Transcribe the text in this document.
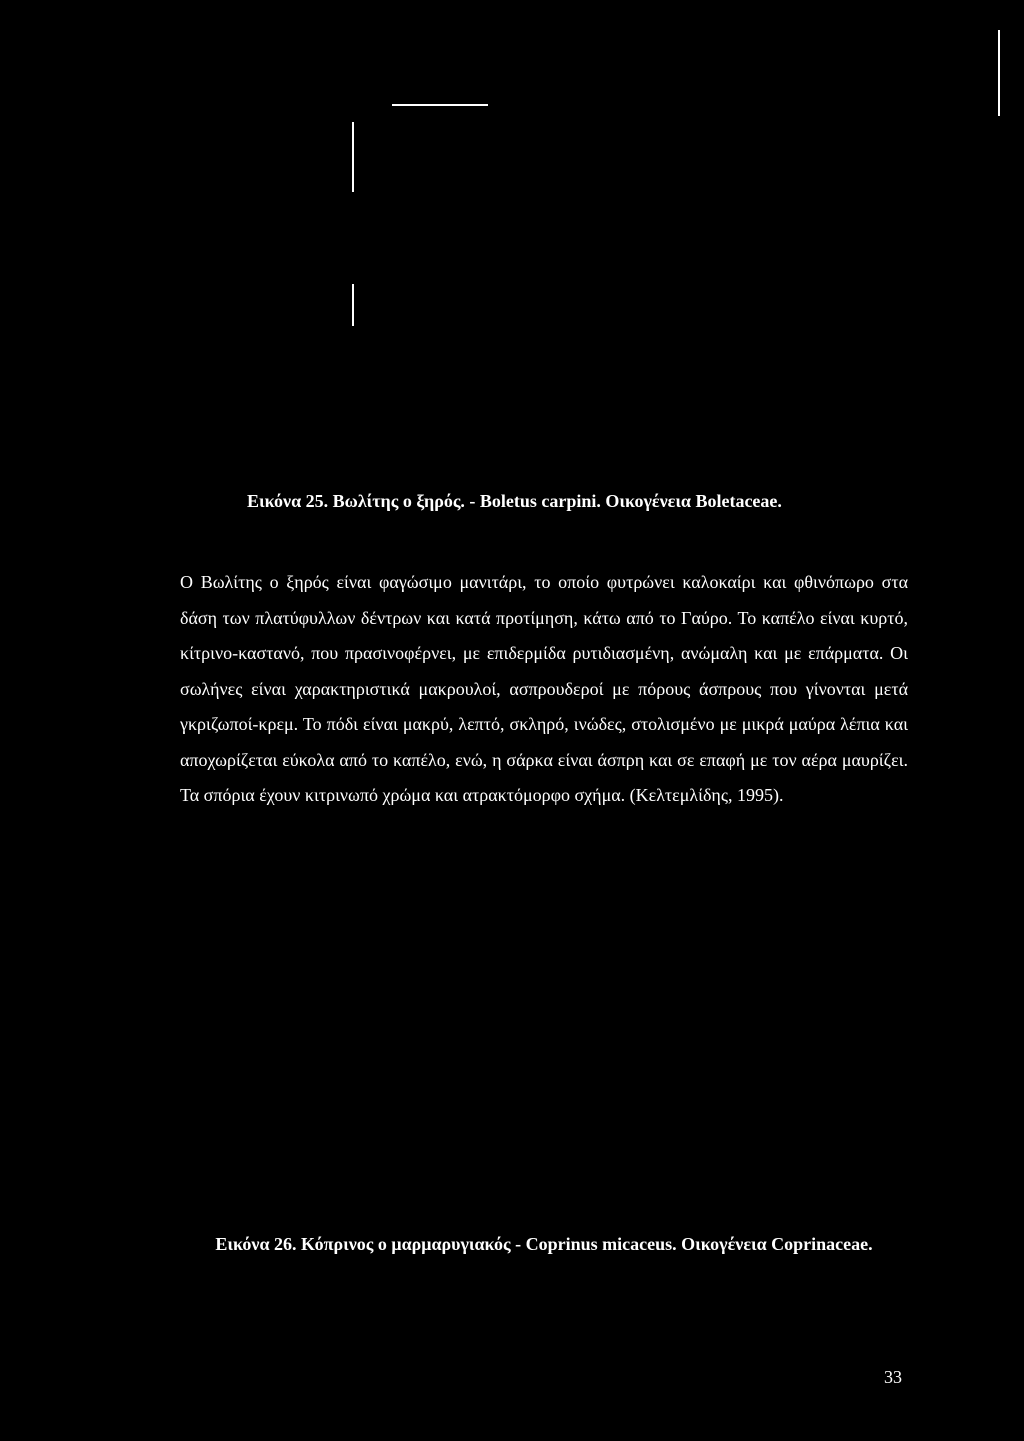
Εικόνα 25. Βωλίτης ο ξηρός. - Boletus carpini. Οικογένεια Boletaceae.
Ο Βωλίτης ο ξηρός είναι φαγώσιμο μανιτάρι, το οποίο φυτρώνει καλοκαίρι και φθινόπωρο στα δάση των πλατύφυλλων δέντρων και κατά προτίμηση, κάτω από το Γαύρο. Το καπέλο είναι κυρτό, κίτρινο-καστανό, που πρασινοφέρνει, με επιδερμίδα ρυτιδιασμένη, ανώμαλη και με επάρματα. Οι σωλήνες είναι χαρακτηριστικά μακρουλοί, ασπρουδεροί με πόρους άσπρους που γίνονται μετά γκριζωποί-κρεμ. Το πόδι είναι μακρύ, λεπτό, σκληρό, ινώδες, στολισμένο με μικρά μαύρα λέπια και αποχωρίζεται εύκολα από το καπέλο, ενώ, η σάρκα είναι άσπρη και σε επαφή με τον αέρα μαυρίζει. Τα σπόρια έχουν κιτρινωπό χρώμα και ατρακτόμορφο σχήμα. (Κελτεμλίδης, 1995).
Εικόνα 26. Κόπρινος ο μαρμαρυγιακός - Coprinus micaceus. Οικογένεια Coprinaceae.
33
